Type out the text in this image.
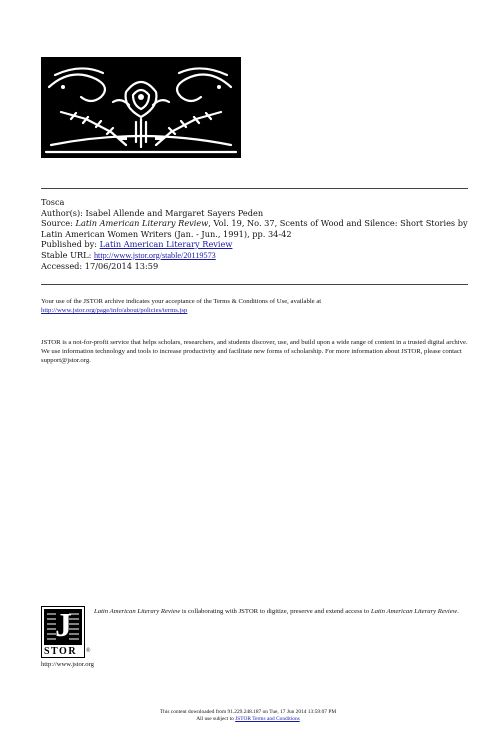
Tosca
Author(s): Isabel Allende and Margaret Sayers Peden
Source: Latin American Literary Review, Vol. 19, No. 37, Scents of Wood and Silence: Short Stories by Latin American Women Writers (Jan. - Jun., 1991), pp. 34-42
Published by: Latin American Literary Review
Stable URL: http://www.jstor.org/stable/20119573
Accessed: 17/06/2014 13:59
Your use of the JSTOR archive indicates your acceptance of the Terms & Conditions of Use, available at
http://www.jstor.org/page/info/about/policies/terms.jsp
JSTOR is a not-for-profit service that helps scholars, researchers, and students discover, use, and build upon a wide range of content in a trusted digital archive. We use information technology and tools to increase productivity and facilitate new forms of scholarship. For more information about JSTOR, please contact support@jstor.org.
J
STOR ®
http://www.jstor.org
Latin American Literary Review is collaborating with JSTOR to digitize, preserve and extend access to Latin American Literary Review.
This content downloaded from 91.229.248.187 on Tue, 17 Jun 2014 13:59:07 PM
All use subject to JSTOR Terms and Conditions
